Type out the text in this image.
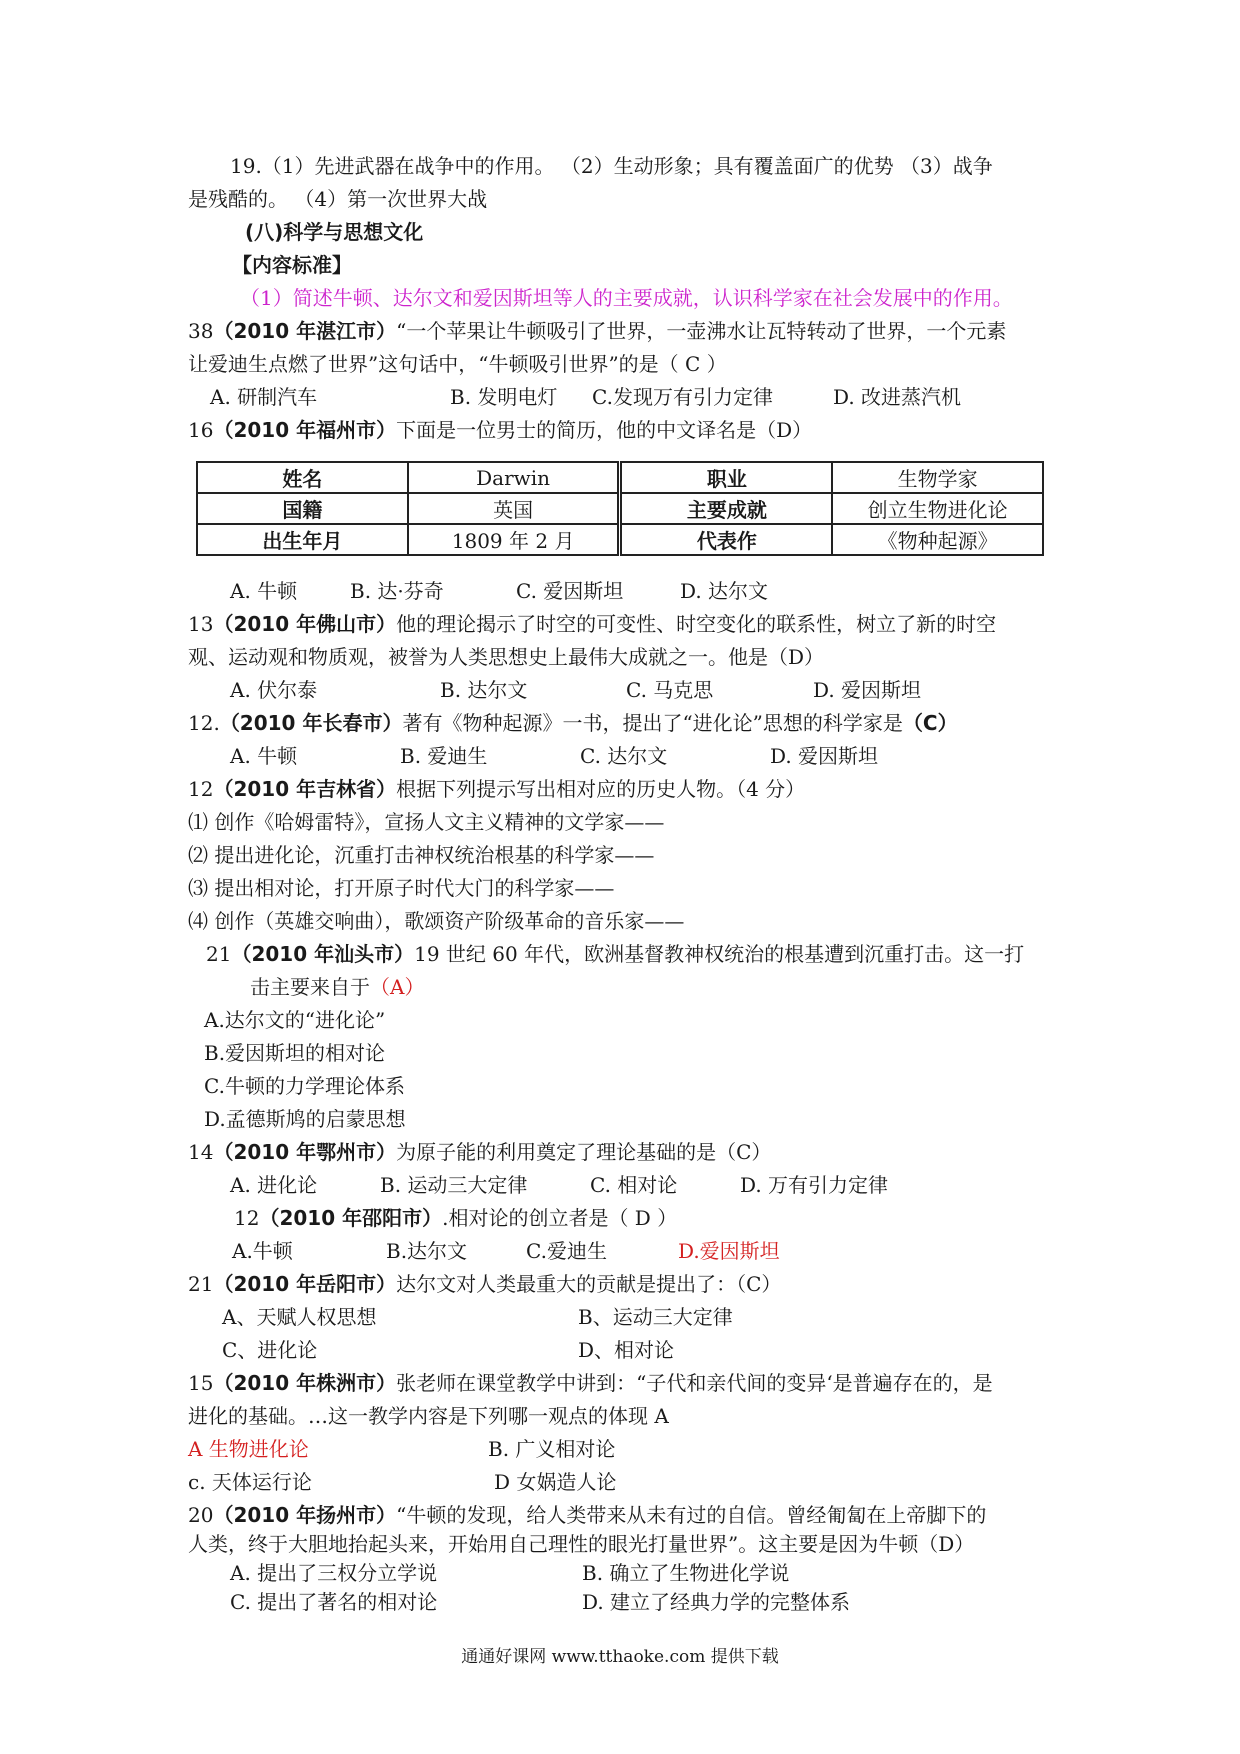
19.（1）先进武器在战争中的作用。 （2）生动形象；具有覆盖面广的优势 （3）战争
是残酷的。 （4）第一次世界大战
(八)科学与思想文化
【内容标准】
（1）简述牛顿、达尔文和爱因斯坦等人的主要成就，认识科学家在社会发展中的作用。
38（2010 年湛江市）“一个苹果让牛顿吸引了世界，一壶沸水让瓦特转动了世界，一个元素
让爱迪生点燃了世界”这句话中，“牛顿吸引世界”的是（ C ）
A. 研制汽车	B. 发明电灯 C.发现万有引力定律	D. 改进蒸汽机
16（2010 年福州市）下面是一位男士的简历，他的中文译名是（D）
姓名	Darwin	职业	生物学家
国籍	英国	主要成就	创立生物进化论
出生年月	1809 年 2 月	代表作	《物种起源》
A. 牛顿	B. 达·芬奇	C. 爱因斯坦	D. 达尔文
13（2010 年佛山市）他的理论揭示了时空的可变性、时空变化的联系性，树立了新的时空
观、运动观和物质观，被誉为人类思想史上最伟大成就之一。他是（D）
A. 伏尔泰	B. 达尔文	C. 马克思	D. 爱因斯坦
12.（2010 年长春市）著有《物种起源》一书，提出了“进化论”思想的科学家是（C）
A. 牛顿	B. 爱迪生	C. 达尔文	D. 爱因斯坦
12（2010 年吉林省）根据下列提示写出相对应的历史人物。（4 分）
⑴ 创作《哈姆雷特》，宣扬人文主义精神的文学家——
⑵ 提出进化论，沉重打击神权统治根基的科学家——
⑶ 提出相对论，打开原子时代大门的科学家——
⑷ 创作（英雄交响曲），歌颂资产阶级革命的音乐家——
21（2010 年汕头市）19 世纪 60 年代，欧洲基督教神权统治的根基遭到沉重打击。这一打
击主要来自于（A）
A.达尔文的“进化论”
B.爱因斯坦的相对论
C.牛顿的力学理论体系
D.孟德斯鸠的启蒙思想
14（2010 年鄂州市）为原子能的利用奠定了理论基础的是（C）
A. 进化论	B. 运动三大定律	C. 相对论	D. 万有引力定律
12（2010 年邵阳市）.相对论的创立者是（ D ）
A.牛顿	B.达尔文	C.爱迪生	D.爱因斯坦
21（2010 年岳阳市）达尔文对人类最重大的贡献是提出了：（C）
A、天赋人权思想	B、运动三大定律
C、进化论	D、相对论
15（2010 年株洲市）张老师在课堂教学中讲到：“子代和亲代间的变异‘是普遍存在的，是
进化的基础。…这一教学内容是下列哪一观点的体现 A
A 生物进化论	B. 广义相对论
c. 天体运行论	D 女娲造人论
20（2010 年扬州市）“牛顿的发现，给人类带来从未有过的自信。曾经匍匐在上帝脚下的
人类，终于大胆地抬起头来，开始用自己理性的眼光打量世界”。这主要是因为牛顿（D）
A. 提出了三权分立学说	B. 确立了生物进化学说
C. 提出了著名的相对论	D. 建立了经典力学的完整体系
通通好课网 www.tthaoke.com 提供下载
